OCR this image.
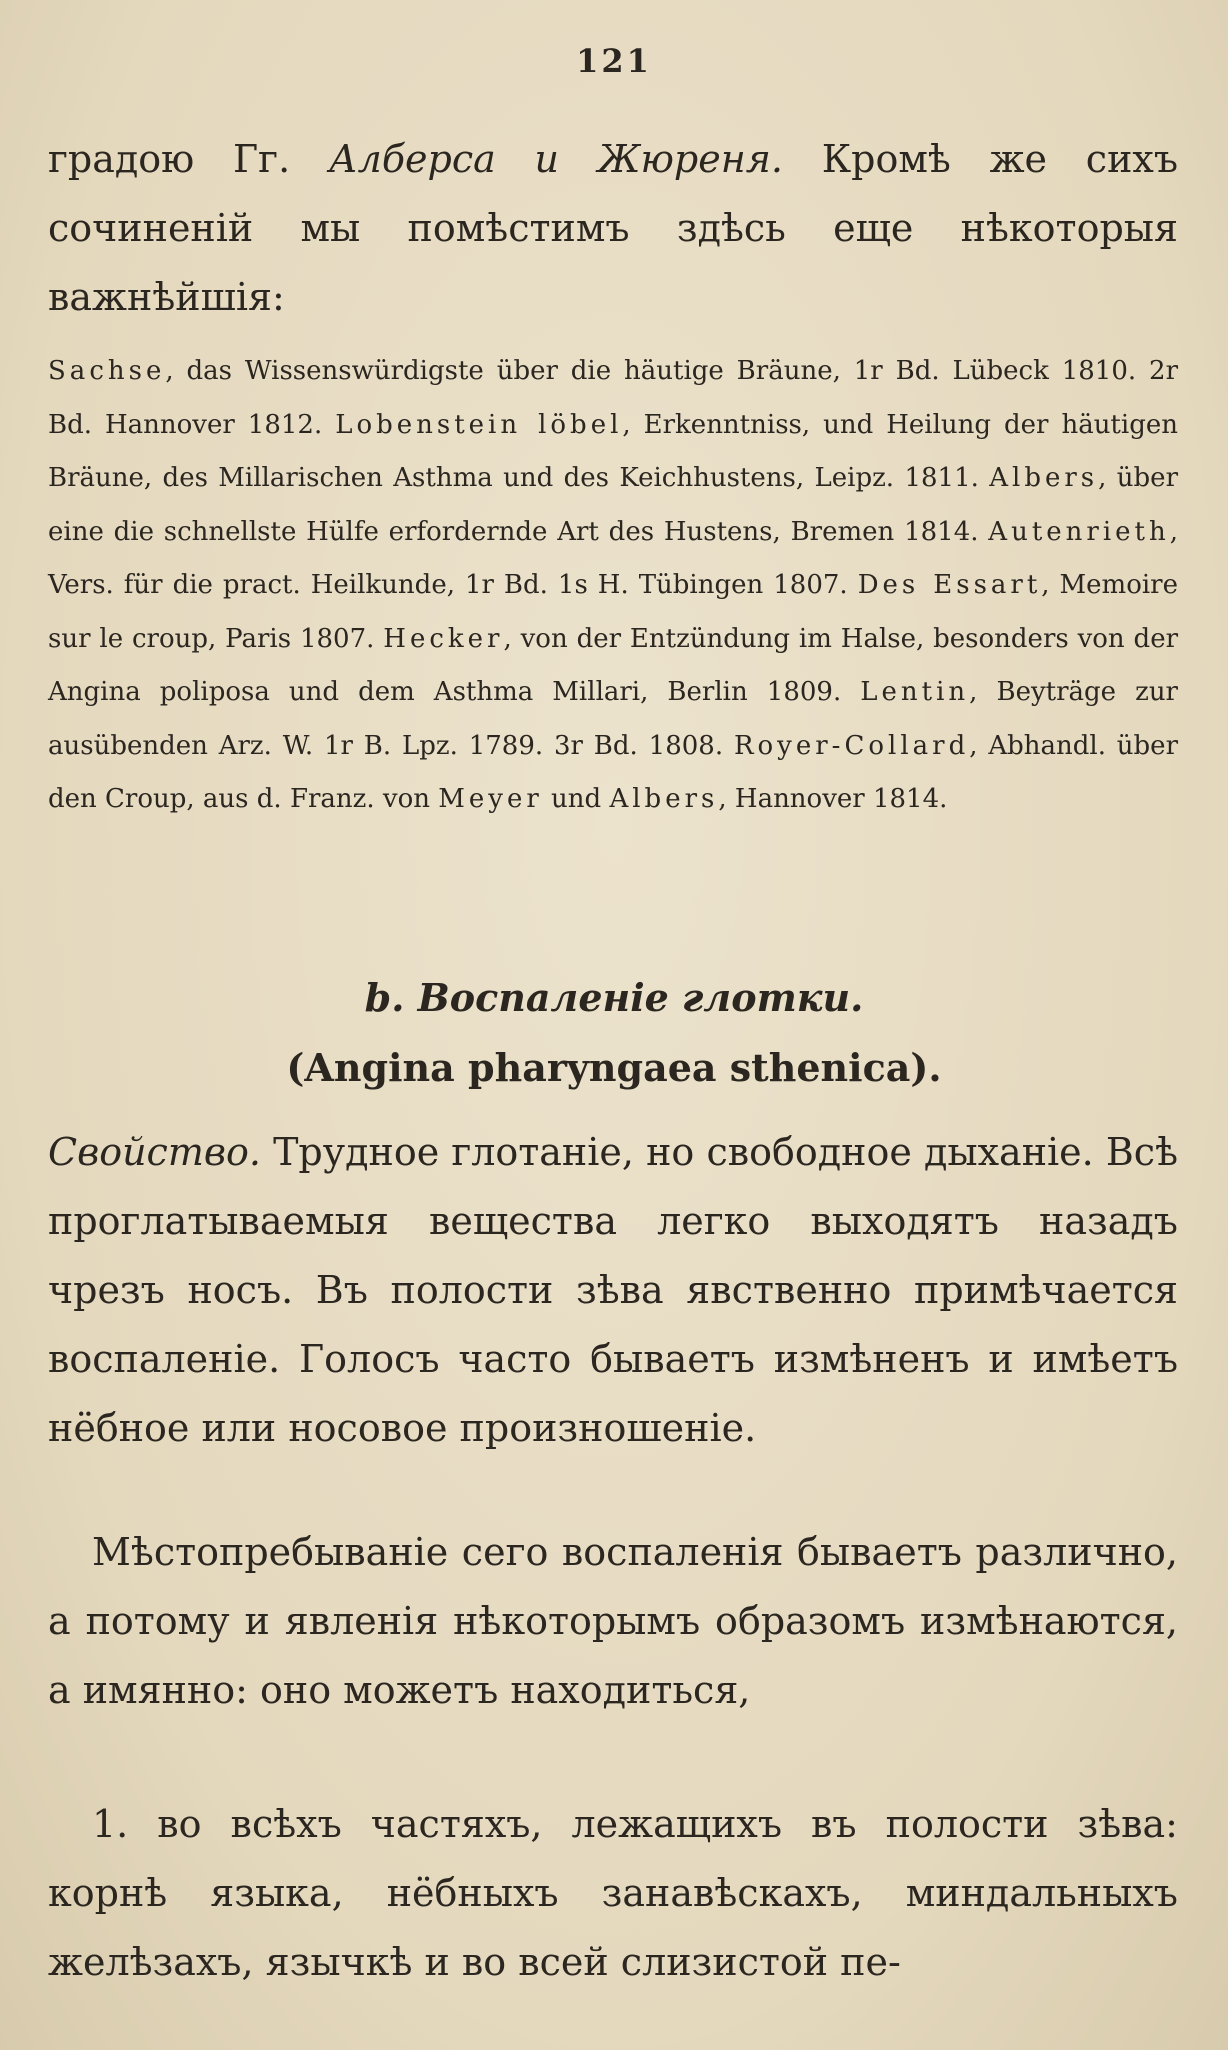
121

градою Гг. Алберса и Жюреня. Кромѣ же сихъ сочиненій мы помѣстимъ здѣсь еще нѣкоторыя важнѣйшія:

Sachse, das Wissenswürdigste über die häutige Bräune, 1r Bd. Lübeck 1810. 2r Bd. Hannover 1812. Lobenstein löbel, Erkenntniss, und Heilung der häutigen Bräune, des Millarischen Asthma und des Keichhustens, Leipz. 1811. Albers, über eine die schnellste Hülfe erfordernde Art des Hustens, Bremen 1814. Autenrieth, Vers. für die pract. Heilkunde, 1r Bd. 1s H. Tübingen 1807. Des Essart, Memoire sur le croup, Paris 1807. Hecker, von der Entzündung im Halse, besonders von der Angina poliposa und dem Asthma Millari, Berlin 1809. Lentin, Beyträge zur ausübenden Arz. W. 1r B. Lpz. 1789. 3r Bd. 1808. Royer-Collard, Abhandl. über den Croup, aus d. Franz. von Meyer und Albers, Hannover 1814.

b. Воспаленіе глотки.
(Angina pharyngaea sthenica).

Свойство. Трудное глотаніе, но свободное дыханіе. Всѣ проглатываемыя вещества легко выходятъ назадъ чрезъ носъ. Въ полости зѣва явственно примѣчается воспаленіе. Голосъ часто бываетъ измѣненъ и имѣетъ нёбное или носовое произношеніе.

Мѣстопребываніе сего воспаленія бываетъ различно, а потому и явленія нѣкоторымъ образомъ измѣнаются, а имянно: оно можетъ находиться,

1. во всѣхъ частяхъ, лежащихъ въ полости зѣва: корнѣ языка, нёбныхъ занавѣскахъ, миндальныхъ желѣзахъ, язычкѣ и во всей слизистой пе-
